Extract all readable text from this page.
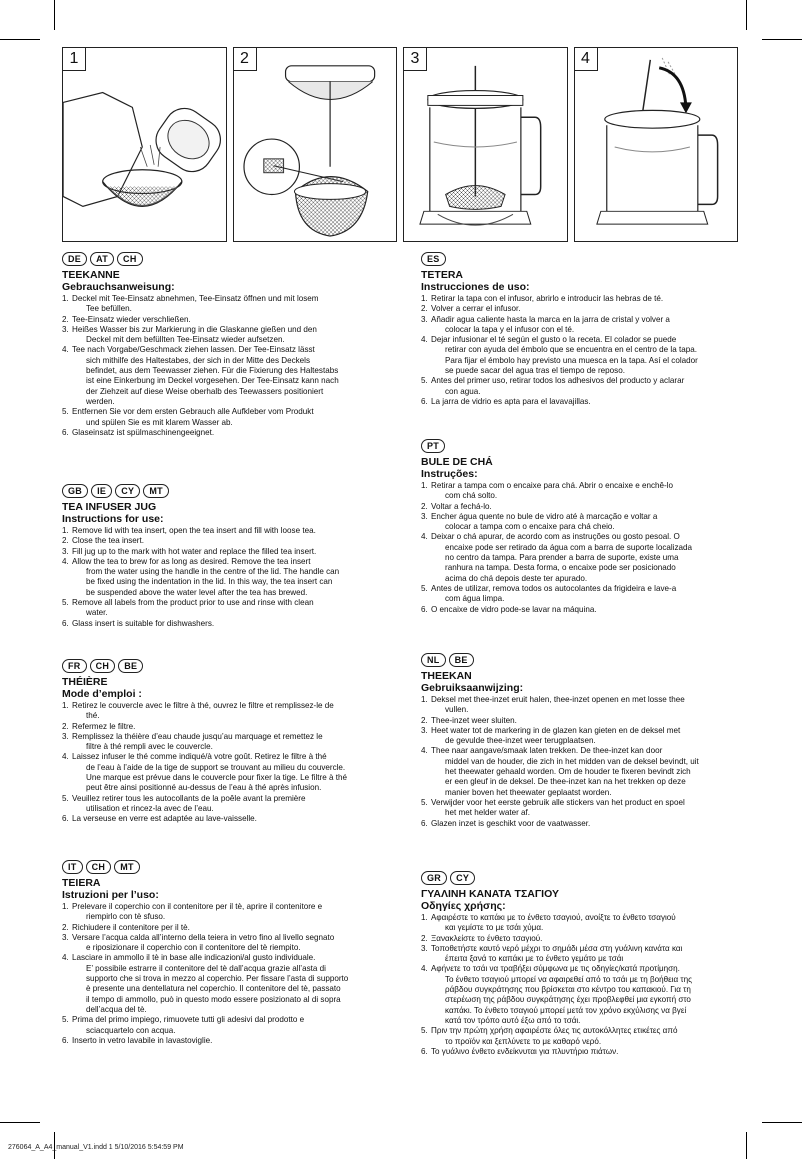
1	2	3	4
DE	AT	CH
TEEKANNE
Gebrauchsanweisung:
1. Deckel mit Tee-Einsatz abnehmen, Tee-Einsatz öffnen und mit losem
Tee befüllen.
2. Tee-Einsatz wieder verschließen.
3. Heißes Wasser bis zur Markierung in die Glaskanne gießen und den
Deckel mit dem befüllten Tee-Einsatz wieder aufsetzen.
4. Tee nach Vorgabe/Geschmack ziehen lassen. Der Tee-Einsatz lässt
sich mithilfe des Haltestabes, der sich in der Mitte des Deckels
befindet, aus dem Teewasser ziehen. Für die Fixierung des Haltestabs
ist eine Einkerbung im Deckel vorgesehen. Der Tee-Einsatz kann nach
der Ziehzeit auf diese Weise oberhalb des Teewassers positioniert
werden.
5. Entfernen Sie vor dem ersten Gebrauch alle Aufkleber vom Produkt
und spülen Sie es mit klarem Wasser ab.
6. Glaseinsatz ist spülmaschinengeeignet.
GB	IE	CY	MT
TEA INFUSER JUG
Instructions for use:
1. Remove lid with tea insert, open the tea insert and fill with loose tea.
2. Close the tea insert.
3. Fill jug up to the mark with hot water and replace the filled tea insert.
4. Allow the tea to brew for as long as desired. Remove the tea insert
from the water using the handle in the centre of the lid. The handle can
be fixed using the indentation in the lid. In this way, the tea insert can
be suspended above the water level after the tea has brewed.
5. Remove all labels from the product prior to use and rinse with clean
water.
6. Glass insert is suitable for dishwashers.
FR	CH	BE
THÉIÈRE
Mode d’emploi :
1. Retirez le couvercle avec le filtre à thé, ouvrez le filtre et remplissez-le de
thé.
2. Refermez le filtre.
3. Remplissez la théière d’eau chaude jusqu’au marquage et remettez le
filtre à thé rempli avec le couvercle.
4. Laissez infuser le thé comme indiqué/à votre goût. Retirez le filtre à thé
de l’eau à l’aide de la tige de support se trouvant au milieu du couvercle.
Une marque est prévue dans le couvercle pour fixer la tige. Le filtre à thé
peut être ainsi positionné au-dessus de l’eau à thé après infusion.
5. Veuillez retirer tous les autocollants de la poêle avant la première
utilisation et rincez-la avec de l’eau.
6. La verseuse en verre est adaptée au lave-vaisselle.
IT	CH	MT
TEIERA
Istruzioni per l’uso:
1. Prelevare il coperchio con il contenitore per il tè, aprire il contenitore e
riempirlo con tè sfuso.
2. Richiudere il contenitore per il tè.
3. Versare l’acqua calda all’interno della teiera in vetro fino al livello segnato
e riposizionare il coperchio con il contenitore del tè riempito.
4. Lasciare in ammollo il tè in base alle indicazioni/al gusto individuale.
E’ possibile estrarre il contenitore del tè dall’acqua grazie all’asta di
supporto che si trova in mezzo al coperchio. Per fissare l’asta di supporto
è presente una dentellatura nel coperchio. Il contenitore del tè, passato
il tempo di ammollo, può in questo modo essere posizionato al di sopra
dell’acqua del tè.
5. Prima del primo impiego, rimuovete tutti gli adesivi dal prodotto e
sciacquartelo con acqua.
6. Inserto in vetro lavabile in lavastoviglie.
ES
TETERA
Instrucciones de uso:
1. Retirar la tapa con el infusor, abrirlo e introducir las hebras de té.
2. Volver a cerrar el infusor.
3. Añadir agua caliente hasta la marca en la jarra de cristal y volver a
colocar la tapa y el infusor con el té.
4. Dejar infusionar el té según el gusto o la receta. El colador se puede
retirar con ayuda del émbolo que se encuentra en el centro de la tapa.
Para fijar el émbolo hay previsto una muesca en la tapa. Así el colador
se puede sacar del agua tras el tiempo de reposo.
5. Antes del primer uso, retirar todos los adhesivos del producto y aclarar
con agua.
6. La jarra de vidrio es apta para el lavavajillas.
PT
BULE DE CHÁ
Instruções:
1. Retirar a tampa com o encaixe para chá. Abrir o encaixe e enchê-lo
com chá solto.
2. Voltar a fechá-lo.
3. Encher água quente no bule de vidro até à marcação e voltar a
colocar a tampa com o encaixe para chá cheio.
4. Deixar o chá apurar, de acordo com as instruções ou gosto pesoal. O
encaixe pode ser retirado da água com a barra de suporte localizada
no centro da tampa. Para prender a barra de suporte, existe uma
ranhura na tampa. Desta forma, o encaixe pode ser posicionado
acima do chá depois deste ter apurado.
5. Antes de utilizar, remova todos os autocolantes da frigideira e lave-a
com água limpa.
6. O encaixe de vidro pode-se lavar na máquina.
NL	BE
THEEKAN
Gebruiksaanwijzing:
1. Deksel met thee-inzet eruit halen, thee-inzet openen en met losse thee
vullen.
2. Thee-inzet weer sluiten.
3. Heet water tot de markering in de glazen kan gieten en de deksel met
de gevulde thee-inzet weer terugplaatsen.
4. Thee naar aangave/smaak laten trekken. De thee-inzet kan door
middel van de houder, die zich in het midden van de deksel bevindt, uit
het theewater gehaald worden. Om de houder te fixeren bevindt zich
er een gleuf in de deksel. De thee-inzet kan na het trekken op deze
manier boven het theewater geplaatst worden.
5. Verwijder voor het eerste gebruik alle stickers van het product en spoel
het met helder water af.
6. Glazen inzet is geschikt voor de vaatwasser.
GR	CY
ΓΥΑΛΙΝΗ ΚΑΝΑΤΑ ΤΣΑΓΙΟΥ
Οδηγίες χρήσης:
1. Αφαιρέστε το καπάκι με το ένθετο τσαγιού, ανοίξτε το ένθετο τσαγιού
και γεμίστε το με τσάι χύμα.
2. Ξανακλείστε το ένθετο τσαγιού.
3. Τοποθετήστε καυτό νερό μέχρι το σημάδι μέσα στη γυάλινη κανάτα και
έπειτα ξανά το καπάκι με το ένθετο γεμάτο με τσάι
4. Αφήνετε το τσάι να τραβήξει σύμφωνα με τις οδηγίες/κατά προτίμηση.
Το ένθετο τσαγιού μπορεί να αφαιρεθεί από το τσάι με τη βοήθεια της
ράβδου συγκράτησης που βρίσκεται στο κέντρο του καπακιού. Για τη
στερέωση της ράβδου συγκράτησης έχει προβλεφθεί μια εγκοπή στο
καπάκι. Το ένθετο τσαγιού μπορεί μετά τον χρόνο εκχύλισης να βγεί
κατά τον τρόπο αυτό έξω από το τσάι.
5. Πριν την πρώτη χρήση αφαιρέστε όλες τις αυτοκόλλητες ετικέτες από
το προϊόν και ξεπλύνετε το με καθαρό νερό.
6. Το γυάλινο ένθετο ενδείκνυται για πλυντήριο πιάτων.
276064_A_A4_manual_V1.indd 1 5/10/2016 5:54:59 PM
